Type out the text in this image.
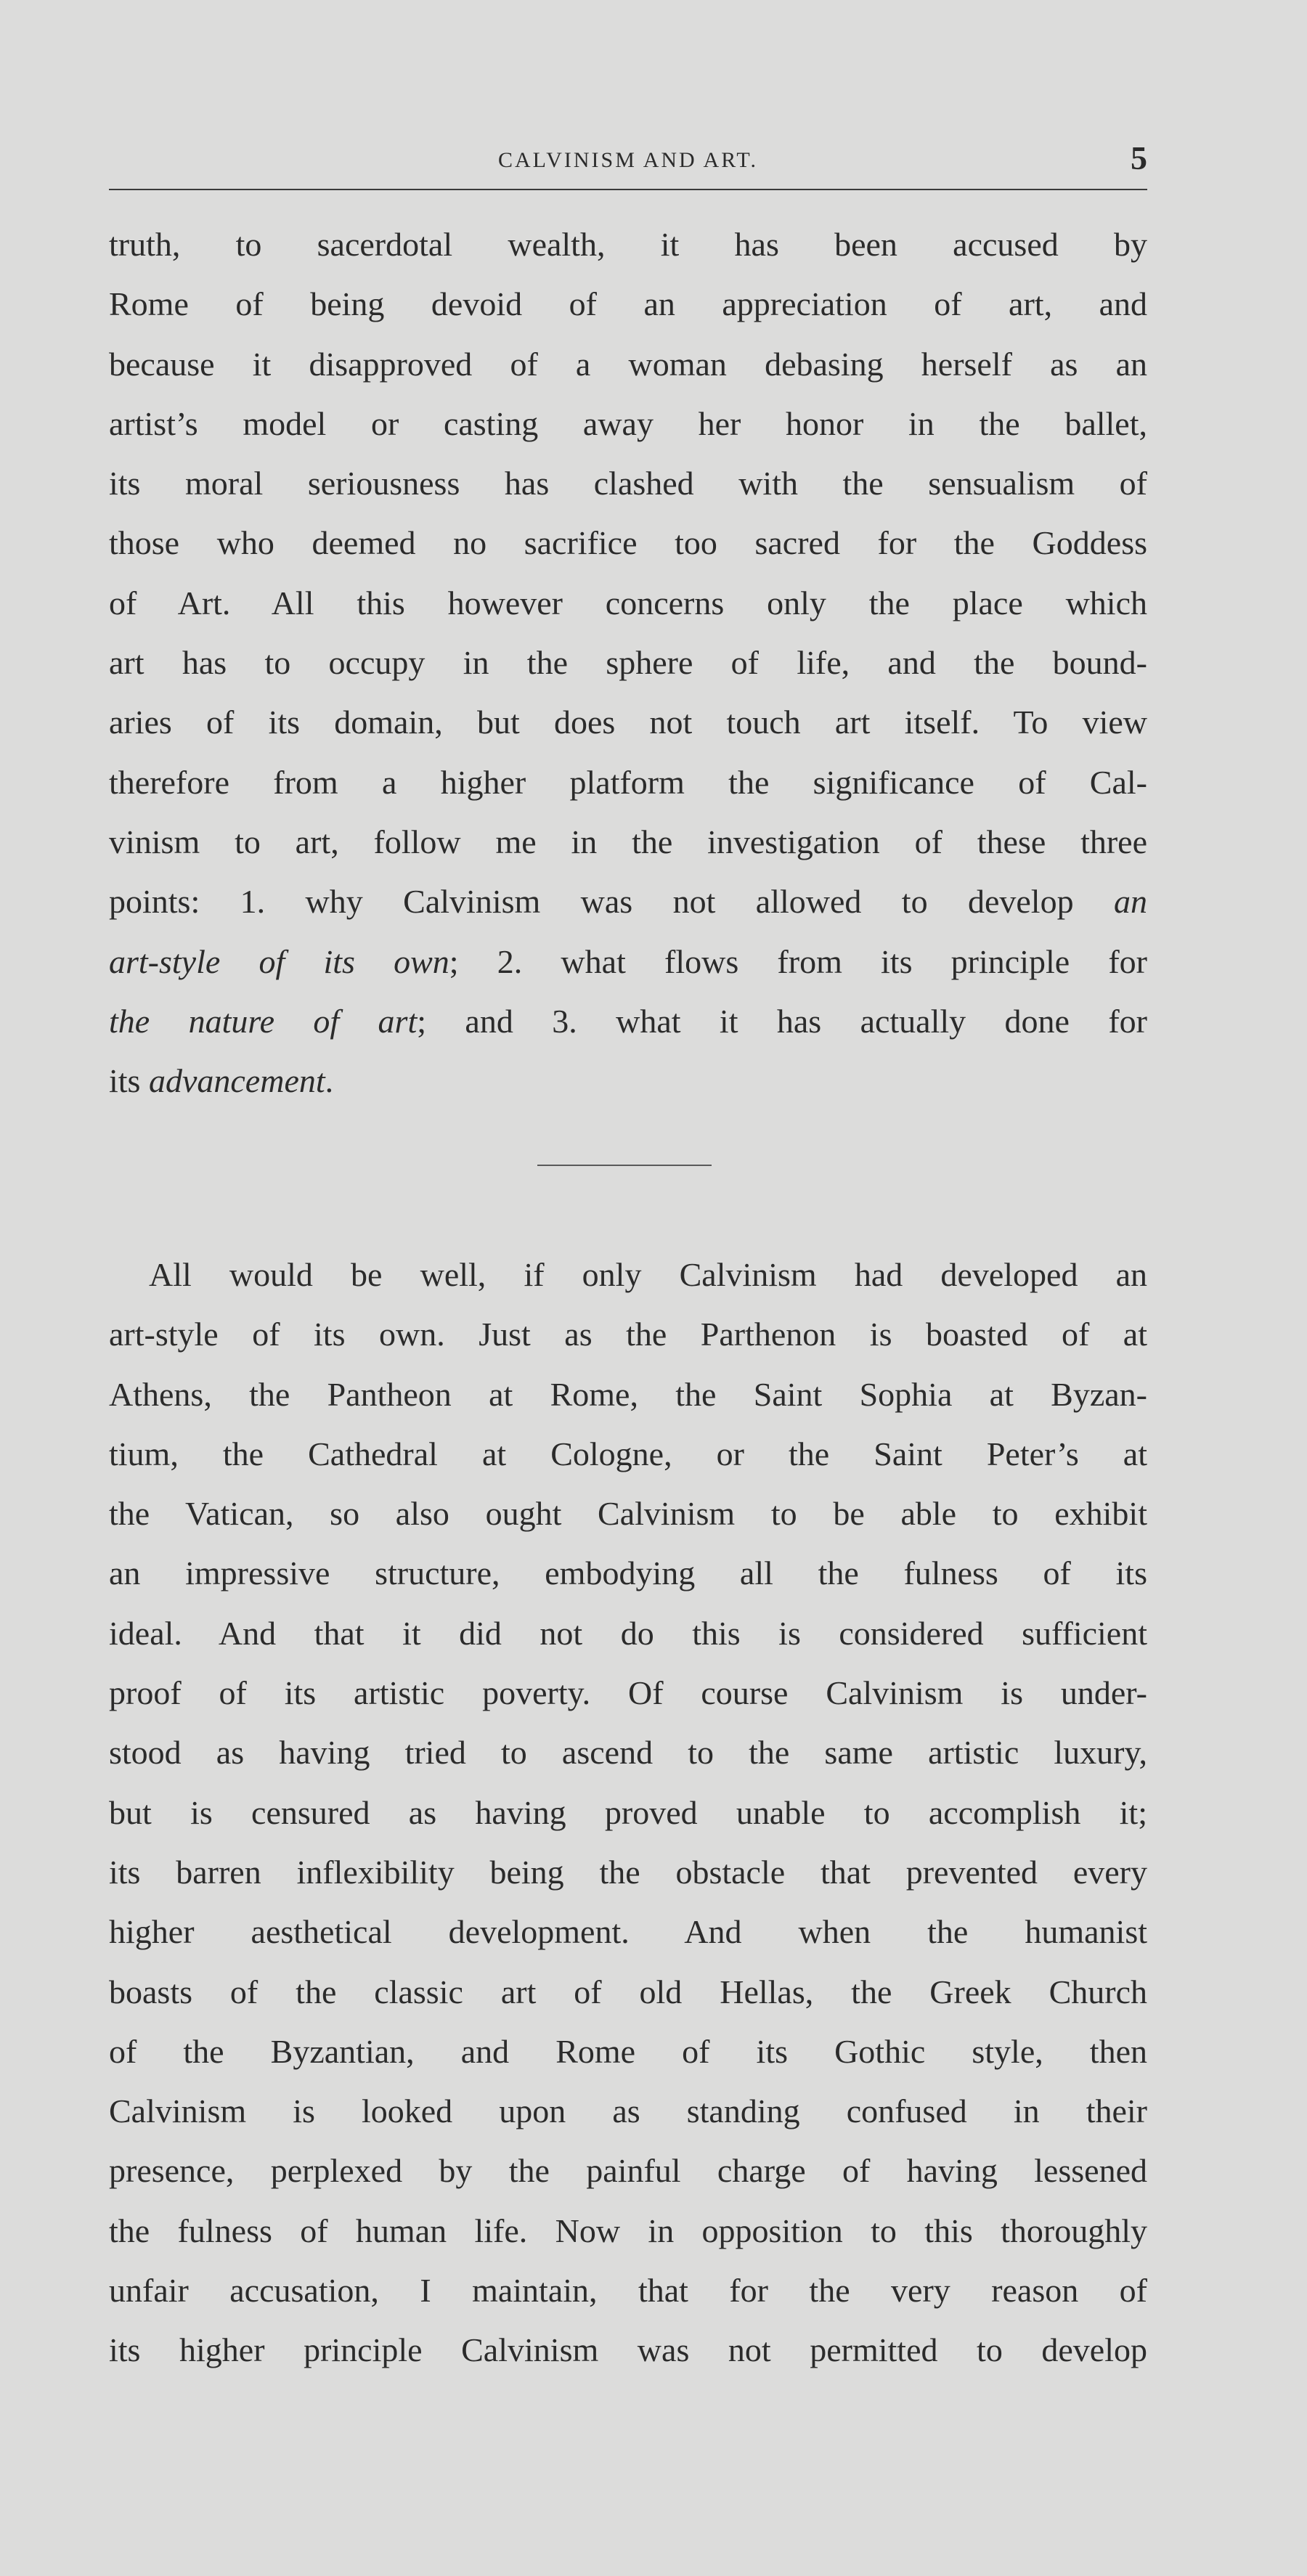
CALVINISM AND ART.	5
truth, to sacerdotal wealth, it has been accused by
Rome of being devoid of an appreciation of art, and
because it disapproved of a woman debasing herself as an
artist’s model or casting away her honor in the ballet,
its moral seriousness has clashed with the sensualism of
those who deemed no sacrifice too sacred for the Goddess
of Art. All this however concerns only the place which
art has to occupy in the sphere of life, and the bound-
aries of its domain, but does not touch art itself. To view
therefore from a higher platform the significance of Cal-
vinism to art, follow me in the investigation of these three
points: 1. why Calvinism was not allowed to develop an
art-style of its own; 2. what flows from its principle for
the nature of art; and 3. what it has actually done for
its advancement.
All would be well, if only Calvinism had developed an
art-style of its own. Just as the Parthenon is boasted of at
Athens, the Pantheon at Rome, the Saint Sophia at Byzan-
tium, the Cathedral at Cologne, or the Saint Peter’s at
the Vatican, so also ought Calvinism to be able to exhibit
an impressive structure, embodying all the fulness of its
ideal. And that it did not do this is considered sufficient
proof of its artistic poverty. Of course Calvinism is under-
stood as having tried to ascend to the same artistic luxury,
but is censured as having proved unable to accomplish it;
its barren inflexibility being the obstacle that prevented every
higher aesthetical development. And when the humanist
boasts of the classic art of old Hellas, the Greek Church
of the Byzantian, and Rome of its Gothic style, then
Calvinism is looked upon as standing confused in their
presence, perplexed by the painful charge of having lessened
the fulness of human life. Now in opposition to this thoroughly
unfair accusation, I maintain, that for the very reason of
its higher principle Calvinism was not permitted to develop
